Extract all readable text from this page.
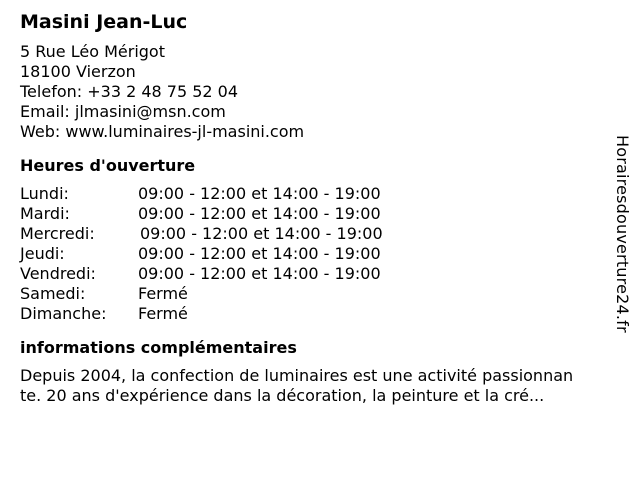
Masini Jean-Luc
5 Rue Léo Mérigot
18100 Vierzon
Telefon: +33 2 48 75 52 04
Email: jlmasini@msn.com
Web: www.luminaires-jl-masini.com
Heures d'ouverture
Lundi:	09:00 - 12:00 et 14:00 - 19:00
Mardi:	09:00 - 12:00 et 14:00 - 19:00
Mercredi:	09:00 - 12:00 et 14:00 - 19:00
Jeudi:	09:00 - 12:00 et 14:00 - 19:00
Vendredi:	09:00 - 12:00 et 14:00 - 19:00
Samedi:	Fermé
Dimanche:	Fermé
informations complémentaires
Depuis 2004, la confection de luminaires est une activité passionnan
te. 20 ans d'expérience dans la décoration, la peinture et la cré...
Horairesdouverture24.fr
